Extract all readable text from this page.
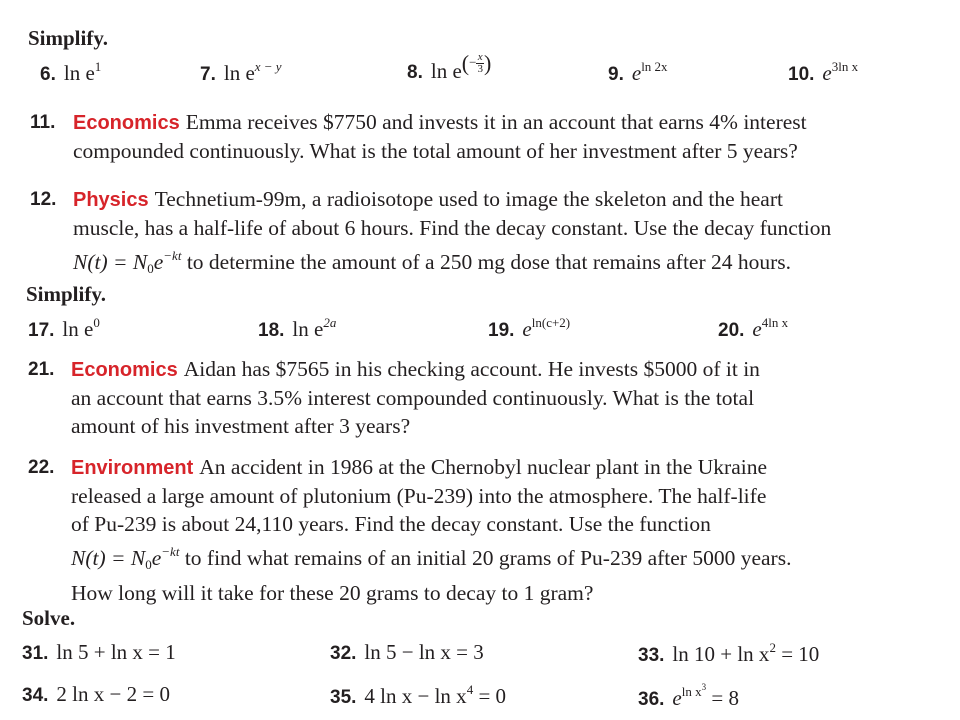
Simplify.
6. $\ln e^1$	7. $\ln e^{x - y}$	8. $\ln e(- \frac{x}{3}$ )	9. $e^{ln 2x}$	10. $e^{3ln x}$
11. Economics Emma receives $7750 and invests it in an account that earns 4% interest
compounded continuously. What is the total amount of her investment after 5 years?
12. Physics Technetium-99m, a radioisotope used to image the skeleton and the heart
muscle, has a half-life of about 6 hours. Find the decay constant. Use the decay function
$N(t) = N_0e^{-kt}$ to determine the amount of a 250 mg dose that remains after 24 hours.
Simplify.
17. $\ln e^0$	18. $\ln e^{2a}$	19. $e^{ln(c+2)}$	20. $e^{4ln x}$
21. Economics Aidan has $7565 in his checking account. He invests $5000 of it in
an account that earns 3.5% interest compounded continuously. What is the total
amount of his investment after 3 years?
22. Environment An accident in 1986 at the Chernobyl nuclear plant in the Ukraine
released a large amount of plutonium (Pu-239) into the atmosphere. The half-life
of Pu-239 is about 24,110 years. Find the decay constant. Use the function
$N(t) = N_0e^{-kt}$ to find what remains of an initial 20 grams of Pu-239 after 5000 years.
How long will it take for these 20 grams to decay to 1 gram?
Solve.
31. ln 5 + ln x = 1	32. ln 5 − ln x = 3	33. $\ln 10 + \ln x^2 = 10$
34. 2 ln x − 2 = 0	35. 4 $\ln x - \ln x^4 = 0$	36. $e^{ln x^3} = 8$
